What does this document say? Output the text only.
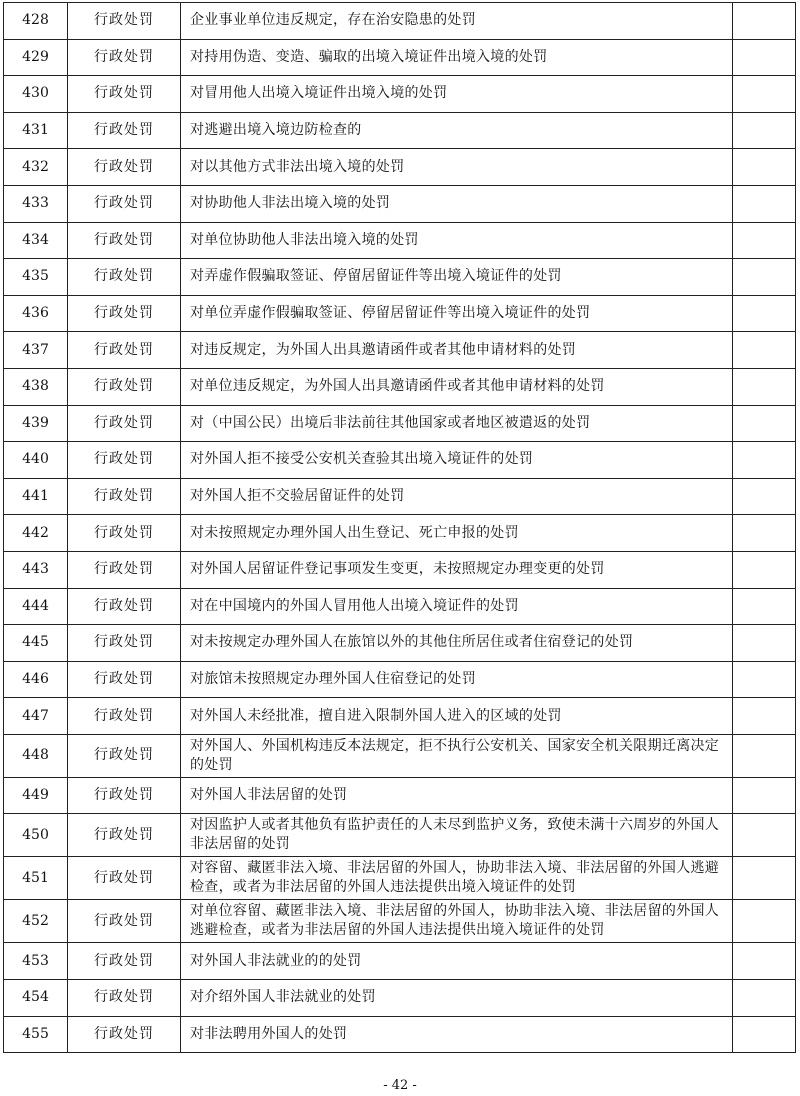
428	行政处罚	企业事业单位违反规定，存在治安隐患的处罚	
429	行政处罚	对持用伪造、变造、骗取的出境入境证件出境入境的处罚	
430	行政处罚	对冒用他人出境入境证件出境入境的处罚	
431	行政处罚	对逃避出境入境边防检查的	
432	行政处罚	对以其他方式非法出境入境的处罚	
433	行政处罚	对协助他人非法出境入境的处罚	
434	行政处罚	对单位协助他人非法出境入境的处罚	
435	行政处罚	对弄虚作假骗取签证、停留居留证件等出境入境证件的处罚	
436	行政处罚	对单位弄虚作假骗取签证、停留居留证件等出境入境证件的处罚	
437	行政处罚	对违反规定，为外国人出具邀请函件或者其他申请材料的处罚	
438	行政处罚	对单位违反规定，为外国人出具邀请函件或者其他申请材料的处罚	
439	行政处罚	对（中国公民）出境后非法前往其他国家或者地区被遣返的处罚	
440	行政处罚	对外国人拒不接受公安机关查验其出境入境证件的处罚	
441	行政处罚	对外国人拒不交验居留证件的处罚	
442	行政处罚	对未按照规定办理外国人出生登记、死亡申报的处罚	
443	行政处罚	对外国人居留证件登记事项发生变更，未按照规定办理变更的处罚	
444	行政处罚	对在中国境内的外国人冒用他人出境入境证件的处罚	
445	行政处罚	对未按规定办理外国人在旅馆以外的其他住所居住或者住宿登记的处罚	
446	行政处罚	对旅馆未按照规定办理外国人住宿登记的处罚	
447	行政处罚	对外国人未经批准，擅自进入限制外国人进入的区域的处罚	
448	行政处罚	对外国人、外国机构违反本法规定，拒不执行公安机关、国家安全机关限期迁离决定的处罚	
449	行政处罚	对外国人非法居留的处罚	
450	行政处罚	对因监护人或者其他负有监护责任的人未尽到监护义务，致使未满十六周岁的外国人非法居留的处罚	
451	行政处罚	对容留、藏匿非法入境、非法居留的外国人，协助非法入境、非法居留的外国人逃避检查，或者为非法居留的外国人违法提供出境入境证件的处罚	
452	行政处罚	对单位容留、藏匿非法入境、非法居留的外国人，协助非法入境、非法居留的外国人逃避检查，或者为非法居留的外国人违法提供出境入境证件的处罚	
453	行政处罚	对外国人非法就业的的处罚	
454	行政处罚	对介绍外国人非法就业的处罚	
455	行政处罚	对非法聘用外国人的处罚	
- 42 -
